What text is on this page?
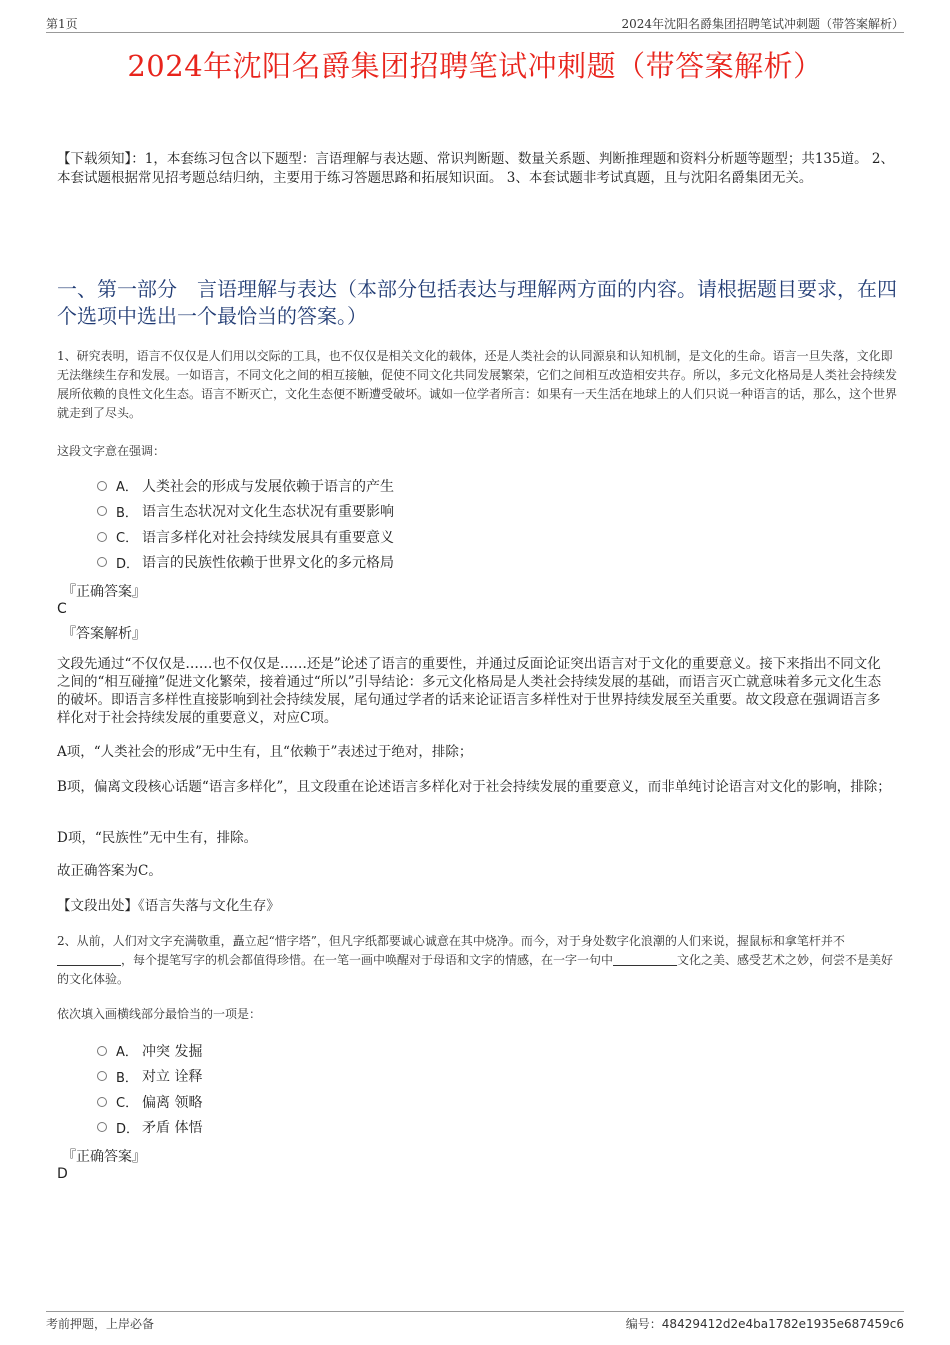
第1页	2024年沈阳名爵集团招聘笔试冲刺题（带答案解析）
2024年沈阳名爵集团招聘笔试冲刺题（带答案解析）
【下载须知】：1，本套练习包含以下题型：言语理解与表达题、常识判断题、数量关系题、判断推理题和资料分析题等题型；共135道。 2、本套试题根据常见招考题总结归纳，主要用于练习答题思路和拓展知识面。 3、本套试题非考试真题，且与沈阳名爵集团无关。
一、第一部分　言语理解与表达（本部分包括表达与理解两方面的内容。请根据题目要求，在四个选项中选出一个最恰当的答案。）
1、研究表明，语言不仅仅是人们用以交际的工具，也不仅仅是相关文化的载体，还是人类社会的认同源泉和认知机制，是文化的生命。语言一旦失落，文化即无法继续生存和发展。一如语言，不同文化之间的相互接触，促使不同文化共同发展繁荣，它们之间相互改造相安共存。所以，多元文化格局是人类社会持续发展所依赖的良性文化生态。语言不断灭亡，文化生态便不断遭受破坏。诚如一位学者所言：如果有一天生活在地球上的人们只说一种语言的话，那么，这个世界就走到了尽头。
这段文字意在强调：
A． 人类社会的形成与发展依赖于语言的产生
B． 语言生态状况对文化生态状况有重要影响
C． 语言多样化对社会持续发展具有重要意义
D． 语言的民族性依赖于世界文化的多元格局
『正确答案』
C
『答案解析』
文段先通过“不仅仅是……也不仅仅是……还是”论述了语言的重要性，并通过反面论证突出语言对于文化的重要意义。接下来指出不同文化之间的“相互碰撞”促进文化繁荣，接着通过“所以”引导结论：多元文化格局是人类社会持续发展的基础，而语言灭亡就意味着多元文化生态的破坏。即语言多样性直接影响到社会持续发展，尾句通过学者的话来论证语言多样性对于世界持续发展至关重要。故文段意在强调语言多样化对于社会持续发展的重要意义，对应C项。
A项，“人类社会的形成”无中生有，且“依赖于”表述过于绝对，排除；
B项，偏离文段核心话题“语言多样化”，且文段重在论述语言多样化对于社会持续发展的重要意义，而非单纯讨论语言对文化的影响，排除；
D项，“民族性”无中生有，排除。
故正确答案为C。
【文段出处】《语言失落与文化生存》
2、从前，人们对文字充满敬重，矗立起“惜字塔”，但凡字纸都要诚心诚意在其中烧净。而今，对于身处数字化浪潮的人们来说，握鼠标和拿笔杆并不，每个提笔写字的机会都值得珍惜。在一笔一画中唤醒对于母语和文字的情感，在一字一句中	文化之美、感受艺术之妙，何尝不是美好的文化体验。
依次填入画横线部分最恰当的一项是：
A． 冲突 发掘
B． 对立 诠释
C． 偏离 领略
D． 矛盾 体悟
『正确答案』
D
考前押题，上岸必备	编号：48429412d2e4ba1782e1935e687459c6
